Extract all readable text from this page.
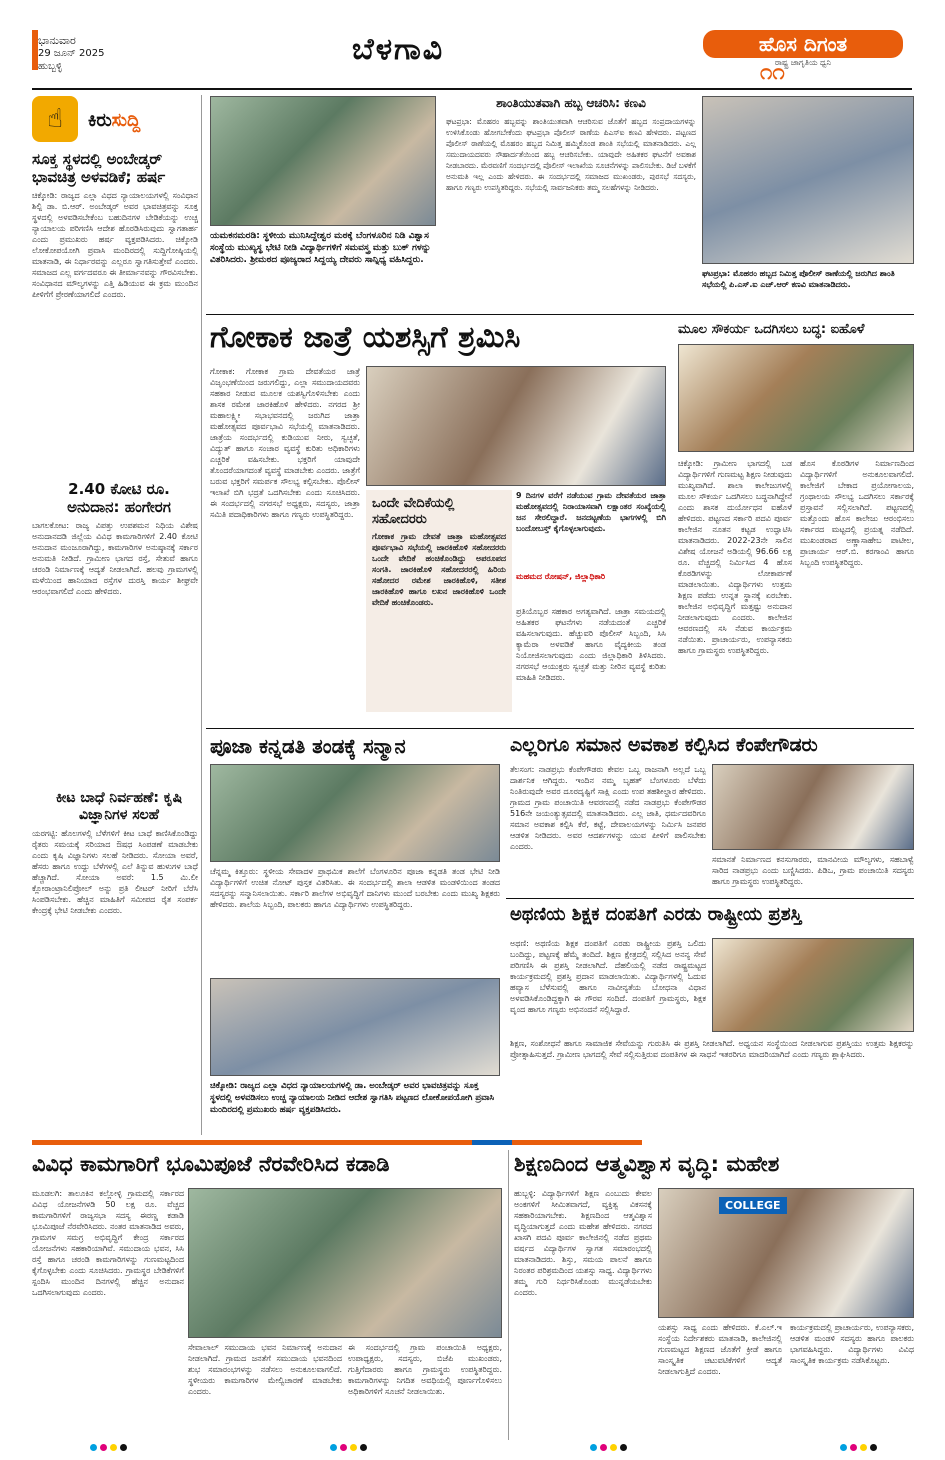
ಭಾನುವಾರ
29 ಜೂನ್ 2025
ಹುಬ್ಬಳ್ಳಿ	ಬೆಳಗಾವಿ	ಹೊಸ ದಿಗಂತ
ರಾಷ್ಟ್ರ ಜಾಗೃತಿಯ ಧ್ವನಿ
೧೧
☝	ಕಿರುಸುದ್ದಿ
ಸೂಕ್ತ ಸ್ಥಳದಲ್ಲಿ ಅಂಬೇಡ್ಕರ್ ಭಾವಚಿತ್ರ ಅಳವಡಿಕೆ; ಹರ್ಷ
ಚಿಕ್ಕೋಡಿ: ರಾಜ್ಯದ ಎಲ್ಲಾ ವಿಧದ ನ್ಯಾಯಾಲಯಗಳಲ್ಲಿ ಸಂವಿಧಾನ ಶಿಲ್ಪಿ ಡಾ. ಬಿ.ಆರ್. ಅಂಬೇಡ್ಕರ್ ಅವರ ಭಾವಚಿತ್ರವನ್ನು ಸೂಕ್ತ ಸ್ಥಳದಲ್ಲಿ ಅಳವಡಿಸಬೇಕೆಂಬ ಬಹುದಿನಗಳ ಬೇಡಿಕೆಯನ್ನು ಉಚ್ಚ ನ್ಯಾಯಾಲಯ ಪರಿಗಣಿಸಿ ಆದೇಶ ಹೊರಡಿಸಿರುವುದು ಸ್ವಾಗತಾರ್ಹ ಎಂದು ಪ್ರಮುಖರು ಹರ್ಷ ವ್ಯಕ್ತಪಡಿಸಿದರು. ಚಿಕ್ಕೋಡಿ ಲೋಕೋಪಯೋಗಿ ಪ್ರವಾಸಿ ಮಂದಿರದಲ್ಲಿ ಸುದ್ದಿಗೋಷ್ಠಿಯಲ್ಲಿ ಮಾತನಾಡಿ, ಈ ನಿರ್ಧಾರವನ್ನು ಎಲ್ಲರೂ ಸ್ವಾಗತಿಸುತ್ತೇವೆ ಎಂದರು. ಸಮಾಜದ ಎಲ್ಲ ವರ್ಗದವರೂ ಈ ತೀರ್ಮಾನವನ್ನು ಗೌರವಿಸಬೇಕು. ಸಂವಿಧಾನದ ಮೌಲ್ಯಗಳನ್ನು ಎತ್ತಿ ಹಿಡಿಯುವ ಈ ಕ್ರಮ ಮುಂದಿನ ಪೀಳಿಗೆಗೆ ಪ್ರೇರಣೆಯಾಗಲಿದೆ ಎಂದರು.
2.40 ಕೋಟಿ ರೂ. ಅನುದಾನ: ಹಂಗೇರಗ
ಬಾಗಲಕೋಟ: ರಾಜ್ಯ ವಿಪತ್ತು ಉಪಶಮನ ನಿಧಿಯ ವಿಶೇಷ ಅನುದಾನದಡಿ ಜಿಲ್ಲೆಯ ವಿವಿಧ ಕಾಮಗಾರಿಗಳಿಗೆ 2.40 ಕೋಟಿ ಅನುದಾನ ಮಂಜೂರಾಗಿದ್ದು, ಕಾಮಗಾರಿಗಳ ಅನುಷ್ಠಾನಕ್ಕೆ ಸರ್ಕಾರ ಅನುಮತಿ ನೀಡಿದೆ. ಗ್ರಾಮೀಣ ಭಾಗದ ರಸ್ತೆ, ಸೇತುವೆ ಹಾಗೂ ಚರಂಡಿ ನಿರ್ಮಾಣಕ್ಕೆ ಆದ್ಯತೆ ನೀಡಲಾಗಿದೆ. ಹಲವು ಗ್ರಾಮಗಳಲ್ಲಿ ಮಳೆಯಿಂದ ಹಾನಿಯಾದ ರಸ್ತೆಗಳ ದುರಸ್ತಿ ಕಾರ್ಯ ಶೀಘ್ರವೇ ಆರಂಭವಾಗಲಿದೆ ಎಂದು ಹೇಳಿದರು.
ಕೀಟ ಬಾಧೆ ನಿರ್ವಹಣೆ: ಕೃಷಿ ವಿಜ್ಞಾನಿಗಳ ಸಲಹೆ
ಯರಗಟ್ಟಿ: ಹೊಲಗಳಲ್ಲಿ ಬೆಳೆಗಳಿಗೆ ಕೀಟ ಬಾಧೆ ಕಾಣಿಸಿಕೊಂಡಿದ್ದು ರೈತರು ಸಮಯಕ್ಕೆ ಸರಿಯಾದ ಔಷಧ ಸಿಂಪಡಣೆ ಮಾಡಬೇಕು ಎಂದು ಕೃಷಿ ವಿಜ್ಞಾನಿಗಳು ಸಲಹೆ ನೀಡಿದರು. ಸೋಯಾ ಅವರೆ, ಹೆಸರು ಹಾಗೂ ಉದ್ದು ಬೆಳೆಗಳಲ್ಲಿ ಎಲೆ ತಿನ್ನುವ ಹುಳುಗಳ ಬಾಧೆ ಹೆಚ್ಚಾಗಿದೆ. ಸೋಯಾ ಅವರೆ: 1.5 ಮಿ.ಲೀ ಕ್ಲೋರಾಂಟ್ರಾನಿಲಿಪ್ರೋಲ್ ಅನ್ನು ಪ್ರತಿ ಲೀಟರ್ ನೀರಿಗೆ ಬೆರೆಸಿ ಸಿಂಪಡಿಸಬೇಕು. ಹೆಚ್ಚಿನ ಮಾಹಿತಿಗೆ ಸಮೀಪದ ರೈತ ಸಂಪರ್ಕ ಕೇಂದ್ರಕ್ಕೆ ಭೇಟಿ ನೀಡಬೇಕು ಎಂದರು.
ಯಮಕನಮರಡಿ: ಸ್ಥಳೀಯ ಮುನಿಸಿದ್ದೇಶ್ವರ ಮಠಕ್ಕೆ ಬೆಂಗಳೂರಿನ ನಿಡಿ ವಿಶ್ವಾಸ ಸಂಸ್ಥೆಯ ಮುಖ್ಯಸ್ಥ ಭೇಟಿ ನೀಡಿ ವಿದ್ಯಾರ್ಥಿಗಳಿಗೆ ಸಮವಸ್ತ್ರ ಮತ್ತು ಬುಕ್ ಗಳನ್ನು ವಿತರಿಸಿದರು. ಶ್ರೀಮಠದ ಪೂಜ್ಯರಾದ ಸಿದ್ದಯ್ಯ ದೇವರು ಸಾನ್ನಿಧ್ಯ ವಹಿಸಿದ್ದರು.
ಶಾಂತಿಯುತವಾಗಿ ಹಬ್ಬ ಆಚರಿಸಿ: ಕಣವಿ
ಘಟಪ್ರಭಾ: ಮೊಹರಂ ಹಬ್ಬವನ್ನು ಶಾಂತಿಯುತವಾಗಿ ಆಚರಿಸುವ ಜೊತೆಗೆ ಹಬ್ಬದ ಸಂಪ್ರದಾಯಗಳನ್ನು ಉಳಿಸಿಕೊಂಡು ಹೋಗಬೇಕೆಂದು ಘಟಪ್ರಭಾ ಪೊಲೀಸ್ ಠಾಣೆಯ ಪಿಎಸ್‌ಐ ಕಣವಿ ಹೇಳಿದರು. ಪಟ್ಟಣದ ಪೊಲೀಸ್ ಠಾಣೆಯಲ್ಲಿ ಮೊಹರಂ ಹಬ್ಬದ ನಿಮಿತ್ತ ಹಮ್ಮಿಕೊಂಡ ಶಾಂತಿ ಸಭೆಯಲ್ಲಿ ಮಾತನಾಡಿದರು. ಎಲ್ಲ ಸಮುದಾಯದವರು ಸೌಹಾರ್ದತೆಯಿಂದ ಹಬ್ಬ ಆಚರಿಸಬೇಕು. ಯಾವುದೇ ಅಹಿತಕರ ಘಟನೆಗೆ ಅವಕಾಶ ನೀಡಬಾರದು. ಮೆರವಣಿಗೆ ಸಂದರ್ಭದಲ್ಲಿ ಪೊಲೀಸ್ ಇಲಾಖೆಯ ಸೂಚನೆಗಳನ್ನು ಪಾಲಿಸಬೇಕು. ಡಿಜೆ ಬಳಕೆಗೆ ಅನುಮತಿ ಇಲ್ಲ ಎಂದು ಹೇಳಿದರು. ಈ ಸಂದರ್ಭದಲ್ಲಿ ಸಮಾಜದ ಮುಖಂಡರು, ಪುರಸಭೆ ಸದಸ್ಯರು, ಹಾಗೂ ಗಣ್ಯರು ಉಪಸ್ಥಿತರಿದ್ದರು. ಸಭೆಯಲ್ಲಿ ಸಾರ್ವಜನಿಕರು ತಮ್ಮ ಸಲಹೆಗಳನ್ನು ನೀಡಿದರು.
ಘಟಪ್ರಭಾ: ಮೊಹರಂ ಹಬ್ಬದ ನಿಮಿತ್ತ ಪೊಲೀಸ್ ಠಾಣೆಯಲ್ಲಿ ಜರುಗಿದ ಶಾಂತಿ ಸಭೆಯಲ್ಲಿ ಪಿ.ಎಸ್.ಐ ಎಚ್.ಆರ್ ಕಣವಿ ಮಾತನಾಡಿದರು.
ಗೋಕಾಕ ಜಾತ್ರೆ ಯಶಸ್ಸಿಗೆ ಶ್ರಮಿಸಿ
ಗೋಕಾಕ: ಗೋಕಾಕ ಗ್ರಾಮ ದೇವತೆಯರ ಜಾತ್ರೆ ವಿಜೃಂಭಣೆಯಿಂದ ಜರುಗಲಿದ್ದು, ಎಲ್ಲಾ ಸಮುದಾಯದವರು ಸಹಕಾರ ನೀಡುವ ಮೂಲಕ ಯಶಸ್ವಿಗೊಳಿಸಬೇಕು ಎಂದು ಶಾಸಕ ರಮೇಶ ಜಾರಕಿಹೊಳಿ ಹೇಳಿದರು. ನಗರದ ಶ್ರೀ ಮಹಾಲಕ್ಷ್ಮೀ ಸಭಾಭವನದಲ್ಲಿ ಜರುಗಿದ ಜಾತ್ರಾ ಮಹೋತ್ಸವದ ಪೂರ್ವಭಾವಿ ಸಭೆಯಲ್ಲಿ ಮಾತನಾಡಿದರು. ಜಾತ್ರೆಯ ಸಂದರ್ಭದಲ್ಲಿ ಕುಡಿಯುವ ನೀರು, ಸ್ವಚ್ಛತೆ, ವಿದ್ಯುತ್ ಹಾಗೂ ಸಂಚಾರ ವ್ಯವಸ್ಥೆ ಕುರಿತು ಅಧಿಕಾರಿಗಳು ಎಚ್ಚರಿಕೆ ವಹಿಸಬೇಕು. ಭಕ್ತರಿಗೆ ಯಾವುದೇ ತೊಂದರೆಯಾಗದಂತೆ ವ್ಯವಸ್ಥೆ ಮಾಡಬೇಕು ಎಂದರು. ಜಾತ್ರೆಗೆ ಬರುವ ಭಕ್ತರಿಗೆ ಸಮರ್ಪಕ ಸೌಲಭ್ಯ ಕಲ್ಪಿಸಬೇಕು. ಪೊಲೀಸ್ ಇಲಾಖೆ ಬಿಗಿ ಭದ್ರತೆ ಒದಗಿಸಬೇಕು ಎಂದು ಸೂಚಿಸಿದರು. ಈ ಸಂದರ್ಭದಲ್ಲಿ ನಗರಸಭೆ ಅಧ್ಯಕ್ಷರು, ಸದಸ್ಯರು, ಜಾತ್ರಾ ಸಮಿತಿ ಪದಾಧಿಕಾರಿಗಳು ಹಾಗೂ ಗಣ್ಯರು ಉಪಸ್ಥಿತರಿದ್ದರು.
ಒಂದೇ ವೇದಿಕೆಯಲ್ಲಿ ಸಹೋದರರು
ಗೋಕಾಕ ಗ್ರಾಮ ದೇವತೆ ಜಾತ್ರಾ ಮಹೋತ್ಸವದ ಪೂರ್ವಭಾವಿ ಸಭೆಯಲ್ಲಿ ಜಾರಕಿಹೊಳಿ ಸಹೋದರರು ಒಂದೇ ವೇದಿಕೆ ಹಂಚಿಕೊಂಡಿದ್ದು ಅಪರೂಪದ ಸಂಗತಿ. ಜಾರಕಿಹೊಳಿ ಸಹೋದರರಲ್ಲಿ ಹಿರಿಯ ಸಹೋದರ ರಮೇಶ ಜಾರಕಿಹೊಳಿ, ಸತೀಶ ಜಾರಕಿಹೊಳಿ ಹಾಗೂ ಲಖನ ಜಾರಕಿಹೊಳಿ ಒಂದೇ ವೇದಿಕೆ ಹಂಚಿಕೊಂಡರು.
9 ದಿನಗಳ ವರೆಗೆ ನಡೆಯುವ ಗ್ರಾಮ ದೇವತೆಯರ ಜಾತ್ರಾ ಮಹೋತ್ಸವದಲ್ಲಿ ನಿರಾಯಾಸವಾಗಿ ಲಕ್ಷಾಂತರ ಸಂಖ್ಯೆಯಲ್ಲಿ ಜನ ಸೇರಲಿದ್ದಾರೆ. ಜನದಟ್ಟಣೆಯ ಭಾಗಗಳಲ್ಲಿ ಬಿಗಿ ಬಂದೋಬಸ್ತ್ ಕೈಗೊಳ್ಳಲಾಗುವುದು.
ಮಹಮದ ರೋಷನ್, ಜಿಲ್ಲಾಧಿಕಾರಿ
ಪ್ರತಿಯೊಬ್ಬರ ಸಹಕಾರ ಅಗತ್ಯವಾಗಿದೆ. ಜಾತ್ರಾ ಸಮಯದಲ್ಲಿ ಅಹಿತಕರ ಘಟನೆಗಳು ನಡೆಯದಂತೆ ಎಚ್ಚರಿಕೆ ವಹಿಸಲಾಗುವುದು. ಹೆಚ್ಚುವರಿ ಪೊಲೀಸ್ ಸಿಬ್ಬಂದಿ, ಸಿಸಿ ಕ್ಯಾಮೆರಾ ಅಳವಡಿಕೆ ಹಾಗೂ ವೈದ್ಯಕೀಯ ತಂಡ ನಿಯೋಜಿಸಲಾಗುವುದು ಎಂದು ಜಿಲ್ಲಾಧಿಕಾರಿ ತಿಳಿಸಿದರು. ನಗರಸಭೆ ಆಯುಕ್ತರು ಸ್ವಚ್ಛತೆ ಮತ್ತು ನೀರಿನ ವ್ಯವಸ್ಥೆ ಕುರಿತು ಮಾಹಿತಿ ನೀಡಿದರು.
ಮೂಲ ಸೌಕರ್ಯ ಒದಗಿಸಲು ಬದ್ಧ: ಐಹೊಳೆ
ಚಿಕ್ಕೋಡಿ: ಗ್ರಾಮೀಣ ಭಾಗದಲ್ಲಿ ಬಡ ವಿದ್ಯಾರ್ಥಿಗಳಿಗೆ ಗುಣಮಟ್ಟ ಶಿಕ್ಷಣ ನೀಡುವುದು ಮುಖ್ಯವಾಗಿದೆ. ಶಾಲಾ ಕಾಲೇಜುಗಳಲ್ಲಿ ಮೂಲ ಸೌಕರ್ಯ ಒದಗಿಸಲು ಬದ್ಧನಾಗಿದ್ದೇನೆ ಎಂದು ಶಾಸಕ ದುರ್ಯೋಧನ ಐಹೊಳೆ ಹೇಳಿದರು. ಪಟ್ಟಣದ ಸರ್ಕಾರಿ ಪದವಿ ಪೂರ್ವ ಕಾಲೇಜಿನ ನೂತನ ಕಟ್ಟಡ ಉದ್ಘಾಟಿಸಿ ಮಾತನಾಡಿದರು. 2022-23ನೇ ಸಾಲಿನ ವಿಶೇಷ ಯೋಜನೆ ಅಡಿಯಲ್ಲಿ 96.66 ಲಕ್ಷ ರೂ. ವೆಚ್ಚದಲ್ಲಿ ನಿರ್ಮಿಸಿದ 4 ಹೊಸ ಕೊಠಡಿಗಳನ್ನು ಲೋಕಾರ್ಪಣೆ ಮಾಡಲಾಯಿತು. ವಿದ್ಯಾರ್ಥಿಗಳು ಉತ್ತಮ ಶಿಕ್ಷಣ ಪಡೆದು ಉನ್ನತ ಸ್ಥಾನಕ್ಕೆ ಏರಬೇಕು. ಕಾಲೇಜಿನ ಅಭಿವೃದ್ಧಿಗೆ ಮತ್ತಷ್ಟು ಅನುದಾನ ನೀಡಲಾಗುವುದು ಎಂದರು. ಕಾಲೇಜಿನ ಆವರಣದಲ್ಲಿ ಸಸಿ ನೆಡುವ ಕಾರ್ಯಕ್ರಮ ನಡೆಯಿತು. ಪ್ರಾಚಾರ್ಯರು, ಉಪನ್ಯಾಸಕರು ಹಾಗೂ ಗ್ರಾಮಸ್ಥರು ಉಪಸ್ಥಿತರಿದ್ದರು.
ಹೊಸ ಕೊಠಡಿಗಳ ನಿರ್ಮಾಣದಿಂದ ವಿದ್ಯಾರ್ಥಿಗಳಿಗೆ ಅನುಕೂಲವಾಗಲಿದೆ. ಕಾಲೇಜಿಗೆ ಬೇಕಾದ ಪ್ರಯೋಗಾಲಯ, ಗ್ರಂಥಾಲಯ ಸೌಲಭ್ಯ ಒದಗಿಸಲು ಸರ್ಕಾರಕ್ಕೆ ಪ್ರಸ್ತಾವನೆ ಸಲ್ಲಿಸಲಾಗಿದೆ. ಪಟ್ಟಣದಲ್ಲಿ ಮತ್ತೊಂದು ಹೊಸ ಕಾಲೇಜು ಆರಂಭಿಸಲು ಸರ್ಕಾರದ ಮಟ್ಟದಲ್ಲಿ ಪ್ರಯತ್ನ ನಡೆದಿದೆ. ಮುಖಂಡರಾದ ಅಣ್ಣಾಸಾಹೇಬ ಪಾಟೀಲ, ಪ್ರಾಚಾರ್ಯ ಆರ್.ಬಿ. ಕರಗಾಂವಿ ಹಾಗೂ ಸಿಬ್ಬಂದಿ ಉಪಸ್ಥಿತರಿದ್ದರು.
ಪೂಜಾ ಕನ್ನಡತಿ ತಂಡಕ್ಕೆ ಸನ್ಮಾನ
ಚೆನ್ನಮ್ಮ ಕಿತ್ತೂರು: ಸ್ಥಳೀಯ ಸೇವಾದಳ ಪ್ರಾಥಮಿಕ ಶಾಲೆಗೆ ಬೆಂಗಳೂರಿನ ಪೂಜಾ ಕನ್ನಡತಿ ತಂಡ ಭೇಟಿ ನೀಡಿ ವಿದ್ಯಾರ್ಥಿಗಳಿಗೆ ಉಚಿತ ನೋಟ್ ಪುಸ್ತಕ ವಿತರಿಸಿತು. ಈ ಸಂದರ್ಭದಲ್ಲಿ ಶಾಲಾ ಆಡಳಿತ ಮಂಡಳಿಯಿಂದ ತಂಡದ ಸದಸ್ಯರನ್ನು ಸನ್ಮಾನಿಸಲಾಯಿತು. ಸರ್ಕಾರಿ ಶಾಲೆಗಳ ಅಭಿವೃದ್ಧಿಗೆ ದಾನಿಗಳು ಮುಂದೆ ಬರಬೇಕು ಎಂದು ಮುಖ್ಯ ಶಿಕ್ಷಕರು ಹೇಳಿದರು. ಶಾಲೆಯ ಸಿಬ್ಬಂದಿ, ಪಾಲಕರು ಹಾಗೂ ವಿದ್ಯಾರ್ಥಿಗಳು ಉಪಸ್ಥಿತರಿದ್ದರು.
ಚಿಕ್ಕೋಡಿ: ರಾಜ್ಯದ ಎಲ್ಲಾ ವಿಧದ ನ್ಯಾಯಾಲಯಗಳಲ್ಲಿ ಡಾ. ಅಂಬೇಡ್ಕರ್ ಅವರ ಭಾವಚಿತ್ರವನ್ನು ಸೂಕ್ತ ಸ್ಥಳದಲ್ಲಿ ಅಳವಡಿಸಲು ಉಚ್ಚ ನ್ಯಾಯಾಲಯ ನೀಡಿದ ಆದೇಶ ಸ್ವಾಗತಿಸಿ ಪಟ್ಟಣದ ಲೋಕೋಪಯೋಗಿ ಪ್ರವಾಸಿ ಮಂದಿರದಲ್ಲಿ ಪ್ರಮುಖರು ಹರ್ಷ ವ್ಯಕ್ತಪಡಿಸಿದರು.
ಎಲ್ಲರಿಗೂ ಸಮಾನ ಅವಕಾಶ ಕಲ್ಪಿಸಿದ ಕೆಂಪೇಗೌಡರು
ತೆಲಸಂಗ: ನಾಡಪ್ರಭು ಕೆಂಪೇಗೌಡರು ಕೇವಲ ಒಬ್ಬ ರಾಜನಾಗಿ ಅಲ್ಲದೆ ಒಬ್ಬ ದಾರ್ಶನಿಕ ಆಗಿದ್ದರು. ಇಂದಿನ ನಮ್ಮ ಬೃಹತ್ ಬೆಂಗಳೂರು ಬೆಳೆದು ನಿಂತಿರುವುದೇ ಅವರ ದೂರದೃಷ್ಟಿಗೆ ಸಾಕ್ಷಿ ಎಂದು ಉಪ ತಹಶೀಲ್ದಾರ ಹೇಳಿದರು. ಗ್ರಾಮದ ಗ್ರಾಮ ಪಂಚಾಯಿತಿ ಆವರಣದಲ್ಲಿ ನಡೆದ ನಾಡಪ್ರಭು ಕೆಂಪೇಗೌಡರ 516ನೇ ಜಯಂತ್ಯುತ್ಸವದಲ್ಲಿ ಮಾತನಾಡಿದರು. ಎಲ್ಲ ಜಾತಿ, ಧರ್ಮದವರಿಗೂ ಸಮಾನ ಅವಕಾಶ ಕಲ್ಪಿಸಿ ಕೆರೆ, ಕಟ್ಟೆ, ದೇವಾಲಯಗಳನ್ನು ನಿರ್ಮಿಸಿ ಜನಪರ ಆಡಳಿತ ನೀಡಿದರು. ಅವರ ಆದರ್ಶಗಳನ್ನು ಯುವ ಪೀಳಿಗೆ ಪಾಲಿಸಬೇಕು ಎಂದರು.
ಸಮಾನತೆ ನಿರ್ಮಾಣದ ಕನಸುಗಾರರು, ಮಾನವೀಯ ಮೌಲ್ಯಗಳು, ಸಹಬಾಳ್ವೆ ಸಾರಿದ ನಾಡಪ್ರಭು ಎಂದು ಬಣ್ಣಿಸಿದರು. ಪಿಡಿಒ, ಗ್ರಾಮ ಪಂಚಾಯಿತಿ ಸದಸ್ಯರು ಹಾಗೂ ಗ್ರಾಮಸ್ಥರು ಉಪಸ್ಥಿತರಿದ್ದರು.
ಅಥಣಿಯ ಶಿಕ್ಷಕ ದಂಪತಿಗೆ ಎರಡು ರಾಷ್ಟ್ರೀಯ ಪ್ರಶಸ್ತಿ
ಅಥಣಿ: ಅಥಣಿಯ ಶಿಕ್ಷಕ ದಂಪತಿಗೆ ಎರಡು ರಾಷ್ಟ್ರೀಯ ಪ್ರಶಸ್ತಿ ಒಲಿದು ಬಂದಿದ್ದು, ಪಟ್ಟಣಕ್ಕೆ ಹೆಮ್ಮೆ ತಂದಿದೆ. ಶಿಕ್ಷಣ ಕ್ಷೇತ್ರದಲ್ಲಿ ಸಲ್ಲಿಸಿದ ಅನನ್ಯ ಸೇವೆ ಪರಿಗಣಿಸಿ ಈ ಪ್ರಶಸ್ತಿ ನೀಡಲಾಗಿದೆ. ದೆಹಲಿಯಲ್ಲಿ ನಡೆದ ರಾಷ್ಟ್ರಮಟ್ಟದ ಕಾರ್ಯಕ್ರಮದಲ್ಲಿ ಪ್ರಶಸ್ತಿ ಪ್ರದಾನ ಮಾಡಲಾಯಿತು. ವಿದ್ಯಾರ್ಥಿಗಳಲ್ಲಿ ಓದುವ ಹವ್ಯಾಸ ಬೆಳೆಸುವಲ್ಲಿ ಹಾಗೂ ನಾವೀನ್ಯತೆಯ ಬೋಧನಾ ವಿಧಾನ ಅಳವಡಿಸಿಕೊಂಡಿದ್ದಕ್ಕಾಗಿ ಈ ಗೌರವ ಸಂದಿದೆ. ದಂಪತಿಗೆ ಗ್ರಾಮಸ್ಥರು, ಶಿಕ್ಷಕ ವೃಂದ ಹಾಗೂ ಗಣ್ಯರು ಅಭಿನಂದನೆ ಸಲ್ಲಿಸಿದ್ದಾರೆ.
ಶಿಕ್ಷಣ, ಸಂಶೋಧನೆ ಹಾಗೂ ಸಾಮಾಜಿಕ ಸೇವೆಯನ್ನು ಗುರುತಿಸಿ ಈ ಪ್ರಶಸ್ತಿ ನೀಡಲಾಗಿದೆ. ಅಧ್ಯಯನ ಸಂಸ್ಥೆಯಿಂದ ನೀಡಲಾಗುವ ಪ್ರಶಸ್ತಿಯು ಉತ್ತಮ ಶಿಕ್ಷಕರನ್ನು ಪ್ರೋತ್ಸಾಹಿಸುತ್ತದೆ. ಗ್ರಾಮೀಣ ಭಾಗದಲ್ಲಿ ಸೇವೆ ಸಲ್ಲಿಸುತ್ತಿರುವ ದಂಪತಿಗಳ ಈ ಸಾಧನೆ ಇತರರಿಗೂ ಮಾದರಿಯಾಗಿದೆ ಎಂದು ಗಣ್ಯರು ಶ್ಲಾಘಿಸಿದರು.
ವಿವಿಧ ಕಾಮಗಾರಿಗೆ ಭೂಮಿಪೂಜೆ ನೆರವೇರಿಸಿದ ಕಡಾಡಿ
ಮೂಡಲಗಿ: ತಾಲೂಕಿನ ಕಲ್ಲೋಳ್ಳಿ ಗ್ರಾಮದಲ್ಲಿ ಸರ್ಕಾರದ ವಿವಿಧ ಯೋಜನೆಗಳಡಿ 50 ಲಕ್ಷ ರೂ. ವೆಚ್ಚದ ಕಾಮಗಾರಿಗಳಿಗೆ ರಾಜ್ಯಸಭಾ ಸದಸ್ಯ ಈರಣ್ಣ ಕಡಾಡಿ ಭೂಮಿಪೂಜೆ ನೆರವೇರಿಸಿದರು. ನಂತರ ಮಾತನಾಡಿದ ಅವರು, ಗ್ರಾಮಗಳ ಸಮಗ್ರ ಅಭಿವೃದ್ಧಿಗೆ ಕೇಂದ್ರ ಸರ್ಕಾರದ ಯೋಜನೆಗಳು ಸಹಕಾರಿಯಾಗಿವೆ. ಸಮುದಾಯ ಭವನ, ಸಿಸಿ ರಸ್ತೆ ಹಾಗೂ ಚರಂಡಿ ಕಾಮಗಾರಿಗಳನ್ನು ಗುಣಮಟ್ಟದಿಂದ ಕೈಗೊಳ್ಳಬೇಕು ಎಂದು ಸೂಚಿಸಿದರು. ಗ್ರಾಮಸ್ಥರ ಬೇಡಿಕೆಗಳಿಗೆ ಸ್ಪಂದಿಸಿ ಮುಂದಿನ ದಿನಗಳಲ್ಲಿ ಹೆಚ್ಚಿನ ಅನುದಾನ ಒದಗಿಸಲಾಗುವುದು ಎಂದರು.
ಸೇವಾಲಾಲ್ ಸಮುದಾಯ ಭವನ ನಿರ್ಮಾಣಕ್ಕೆ ಅನುದಾನ ನೀಡಲಾಗಿದೆ. ಗ್ರಾಮದ ಜನತೆಗೆ ಸಮುದಾಯ ಭವನದಿಂದ ಶುಭ ಸಮಾರಂಭಗಳನ್ನು ನಡೆಸಲು ಅನುಕೂಲವಾಗಲಿದೆ. ಸ್ಥಳೀಯರು ಕಾಮಗಾರಿಗಳ ಮೇಲ್ವಿಚಾರಣೆ ಮಾಡಬೇಕು ಎಂದರು.
ಈ ಸಂದರ್ಭದಲ್ಲಿ ಗ್ರಾಮ ಪಂಚಾಯಿತಿ ಅಧ್ಯಕ್ಷರು, ಉಪಾಧ್ಯಕ್ಷರು, ಸದಸ್ಯರು, ಬಿಜೆಪಿ ಮುಖಂಡರು, ಗುತ್ತಿಗೆದಾರರು ಹಾಗೂ ಗ್ರಾಮಸ್ಥರು ಉಪಸ್ಥಿತರಿದ್ದರು. ಕಾಮಗಾರಿಗಳನ್ನು ನಿಗದಿತ ಅವಧಿಯಲ್ಲಿ ಪೂರ್ಣಗೊಳಿಸಲು ಅಧಿಕಾರಿಗಳಿಗೆ ಸೂಚನೆ ನೀಡಲಾಯಿತು.
ಶಿಕ್ಷಣದಿಂದ ಆತ್ಮವಿಶ್ವಾಸ ವೃದ್ಧಿ: ಮಹೇಶ
ಹುಬ್ಬಳ್ಳಿ: ವಿದ್ಯಾರ್ಥಿಗಳಿಗೆ ಶಿಕ್ಷಣ ಎಂಬುದು ಕೇವಲ ಅಂಕಗಳಿಗೆ ಸೀಮಿತವಾಗದೆ, ವ್ಯಕ್ತಿತ್ವ ವಿಕಸನಕ್ಕೆ ಸಹಕಾರಿಯಾಗಬೇಕು. ಶಿಕ್ಷಣದಿಂದ ಆತ್ಮವಿಶ್ವಾಸ ವೃದ್ಧಿಯಾಗುತ್ತದೆ ಎಂದು ಮಹೇಶ ಹೇಳಿದರು. ನಗರದ ಖಾಸಗಿ ಪದವಿ ಪೂರ್ವ ಕಾಲೇಜಿನಲ್ಲಿ ನಡೆದ ಪ್ರಥಮ ವರ್ಷದ ವಿದ್ಯಾರ್ಥಿಗಳ ಸ್ವಾಗತ ಸಮಾರಂಭದಲ್ಲಿ ಮಾತನಾಡಿದರು. ಶಿಸ್ತು, ಸಮಯ ಪಾಲನೆ ಹಾಗೂ ನಿರಂತರ ಪರಿಶ್ರಮದಿಂದ ಯಶಸ್ಸು ಸಾಧ್ಯ. ವಿದ್ಯಾರ್ಥಿಗಳು ತಮ್ಮ ಗುರಿ ನಿರ್ಧರಿಸಿಕೊಂಡು ಮುನ್ನಡೆಯಬೇಕು ಎಂದರು.
COLLEGE
ಯಶಸ್ಸು ಸಾಧ್ಯ ಎಂದು ಹೇಳಿದರು. ಕೆ.ಎಲ್.ಇ ಸಂಸ್ಥೆಯ ನಿರ್ದೇಶಕರು ಮಾತನಾಡಿ, ಕಾಲೇಜಿನಲ್ಲಿ ಗುಣಮಟ್ಟದ ಶಿಕ್ಷಣದ ಜೊತೆಗೆ ಕ್ರೀಡೆ ಹಾಗೂ ಸಾಂಸ್ಕೃತಿಕ ಚಟುವಟಿಕೆಗಳಿಗೆ ಆದ್ಯತೆ ನೀಡಲಾಗುತ್ತಿದೆ ಎಂದರು.
ಕಾರ್ಯಕ್ರಮದಲ್ಲಿ ಪ್ರಾಚಾರ್ಯರು, ಉಪನ್ಯಾಸಕರು, ಆಡಳಿತ ಮಂಡಳಿ ಸದಸ್ಯರು ಹಾಗೂ ಪಾಲಕರು ಭಾಗವಹಿಸಿದ್ದರು. ವಿದ್ಯಾರ್ಥಿಗಳು ವಿವಿಧ ಸಾಂಸ್ಕೃತಿಕ ಕಾರ್ಯಕ್ರಮ ನಡೆಸಿಕೊಟ್ಟರು.
